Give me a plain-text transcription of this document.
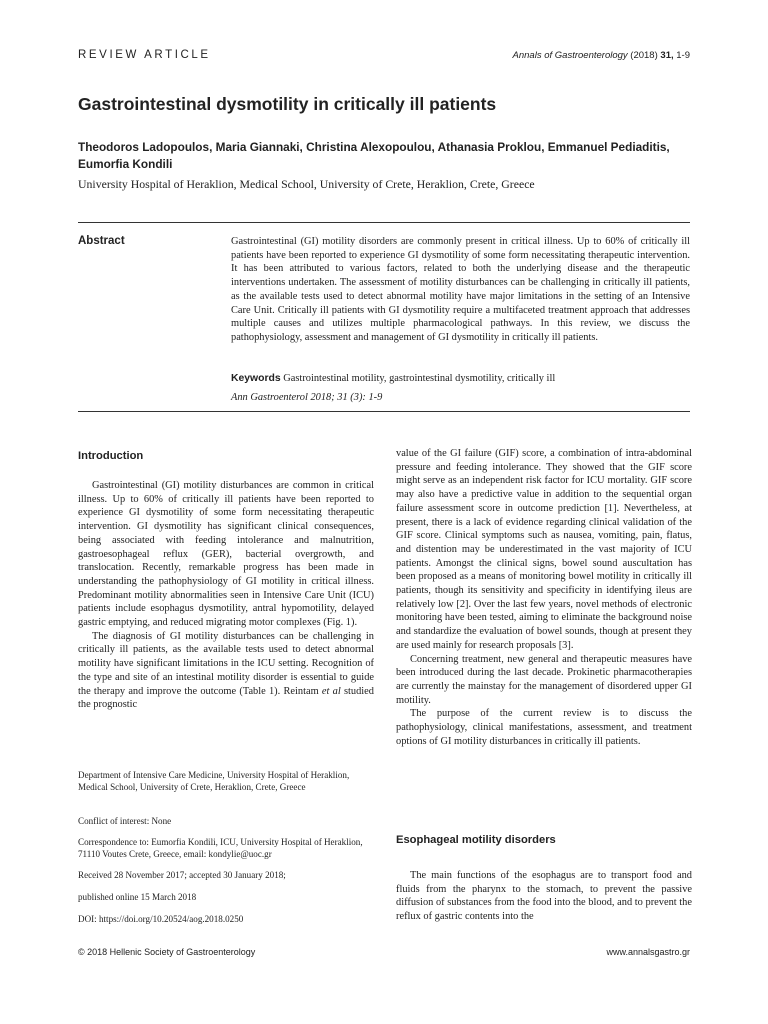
REVIEW ARTICLE	Annals of Gastroenterology (2018) 31, 1-9
Gastrointestinal dysmotility in critically ill patients
Theodoros Ladopoulos, Maria Giannaki, Christina Alexopoulou, Athanasia Proklou, Emmanuel Pediaditis, Eumorfia Kondili
University Hospital of Heraklion, Medical School, University of Crete, Heraklion, Crete, Greece
Abstract	Gastrointestinal (GI) motility disorders are commonly present in critical illness. Up to 60% of critically ill patients have been reported to experience GI dysmotility of some form necessitating therapeutic intervention. It has been attributed to various factors, related to both the underlying disease and the therapeutic interventions undertaken. The assessment of motility disturbances can be challenging in critically ill patients, as the available tests used to detect abnormal motility have major limitations in the setting of an Intensive Care Unit. Critically ill patients with GI dysmotility require a multifaceted treatment approach that addresses multiple causes and utilizes multiple pharmacological pathways. In this review, we discuss the pathophysiology, assessment and management of GI dysmotility in critically ill patients.
Keywords Gastrointestinal motility, gastrointestinal dysmotility, critically ill
Ann Gastroenterol 2018; 31 (3): 1-9
Introduction

Gastrointestinal (GI) motility disturbances are common in critical illness. Up to 60% of critically ill patients have been reported to experience GI dysmotility of some form necessitating therapeutic intervention. GI dysmotility has significant clinical consequences, being associated with feeding intolerance and malnutrition, gastroesophageal reflux (GER), bacterial overgrowth, and translocation. Recently, remarkable progress has been made in understanding the pathophysiology of GI motility in critical illness. Predominant motility abnormalities seen in Intensive Care Unit (ICU) patients include esophagus dysmotility, antral hypomotility, delayed gastric emptying, and reduced migrating motor complexes (Fig. 1).

The diagnosis of GI motility disturbances can be challenging in critically ill patients, as the available tests used to detect abnormal motility have significant limitations in the ICU setting. Recognition of the type and site of an intestinal motility disorder is essential to guide the therapy and improve the outcome (Table 1). Reintam et al studied the prognostic

value of the GI failure (GIF) score, a combination of intra-abdominal pressure and feeding intolerance. They showed that the GIF score might serve as an independent risk factor for ICU mortality. GIF score may also have a predictive value in addition to the sequential organ failure assessment score in outcome prediction [1]. Nevertheless, at present, there is a lack of evidence regarding clinical validation of the GIF score. Clinical symptoms such as nausea, vomiting, pain, flatus, and distention may be underestimated in the vast majority of ICU patients. Amongst the clinical signs, bowel sound auscultation has been proposed as a means of monitoring bowel motility in critically ill patients, though its sensitivity and specificity in identifying ileus are relatively low [2]. Over the last few years, novel methods of electronic monitoring have been tested, aiming to eliminate the background noise and standardize the evaluation of bowel sounds, though at present they are used mainly for research proposals [3].

Concerning treatment, new general and therapeutic measures have been introduced during the last decade. Prokinetic pharmacotherapies are currently the mainstay for the management of disordered upper GI motility.

The purpose of the current review is to discuss the pathophysiology, clinical manifestations, assessment, and treatment options of GI motility disturbances in critically ill patients.

Esophageal motility disorders

The main functions of the esophagus are to transport food and fluids from the pharynx to the stomach, to prevent the passive diffusion of substances from the food into the blood, and to prevent the reflux of gastric contents into the

Department of Intensive Care Medicine, University Hospital of Heraklion, Medical School, University of Crete, Heraklion, Crete, Greece
Conflict of interest: None
Correspondence to: Eumorfia Kondili, ICU, University Hospital of Heraklion, 71110 Voutes Crete, Greece, email: kondylie@uoc.gr
Received 28 November 2017; accepted 30 January 2018;
published online 15 March 2018
DOI: https://doi.org/10.20524/aog.2018.0250
© 2018 Hellenic Society of Gastroenterology	www.annalsgastro.gr
